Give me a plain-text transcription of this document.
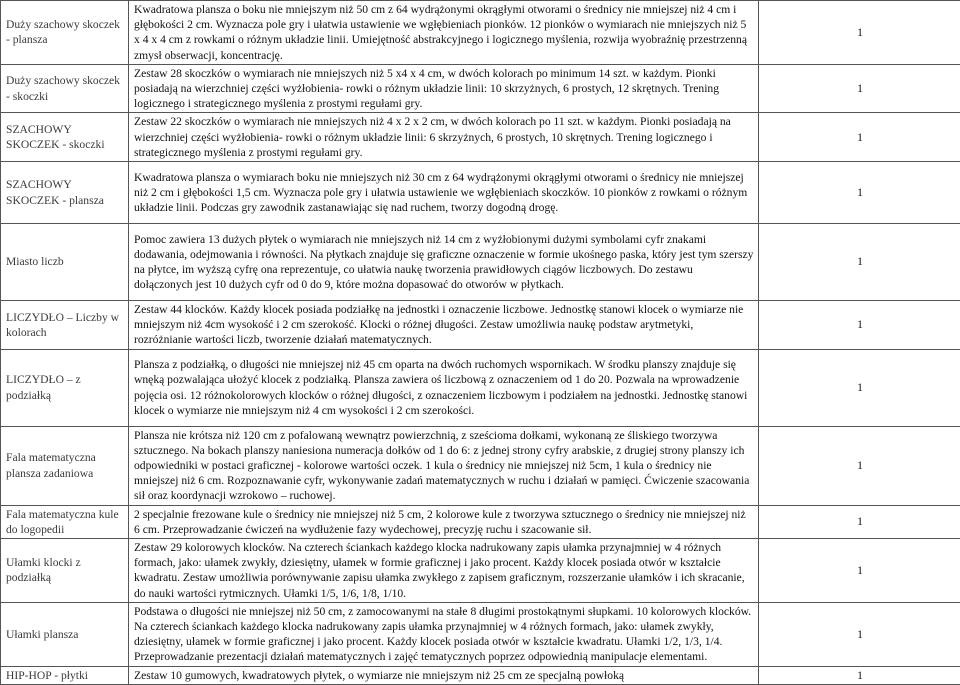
Duży szachowy skoczek - plansza	Kwadratowa plansza o boku nie mniejszym niż 50 cm z 64 wydrążonymi okrągłymi otworami o średnicy nie mniejszej niż 4 cm i głębokości 2 cm. Wyznacza pole gry i ułatwia ustawienie we wgłębieniach pionków. 12 pionków o wymiarach nie mniejszych niż 5 x 4 x 4 cm z rowkami o różnym układzie linii. Umiejętność abstrakcyjnego i logicznego myślenia, rozwija wyobraźnię przestrzenną zmysł obserwacji, koncentrację.	1
Duży szachowy skoczek - skoczki	Zestaw 28 skoczków o wymiarach nie mniejszych niż 5 x4 x 4 cm, w dwóch kolorach po minimum 14 szt. w każdym. Pionki posiadają na wierzchniej części wyżłobienia- rowki o różnym układzie linii: 10 skrzyżnych, 6 prostych, 12 skrętnych. Trening logicznego i strategicznego myślenia z prostymi regułami gry.	1
SZACHOWY SKOCZEK - skoczki	Zestaw 22 skoczków o wymiarach nie mniejszych niż 4 x 2 x 2 cm, w dwóch kolorach po 11 szt. w każdym. Pionki posiadają na wierzchniej części wyżłobienia- rowki o różnym układzie linii: 6 skrzyżnych, 6 prostych, 10 skrętnych. Trening logicznego i strategicznego myślenia z prostymi regułami gry.	1
SZACHOWY SKOCZEK - plansza	Kwadratowa plansza o wymiarach boku nie mniejszych niż 30 cm z 64 wydrążonymi okrągłymi otworami o średnicy nie mniejszej niż 2 cm i głębokości 1,5 cm. Wyznacza pole gry i ułatwia ustawienie we wgłębieniach skoczków. 10 pionków z rowkami o różnym układzie linii. Podczas gry zawodnik zastanawiając się nad ruchem, tworzy dogodną drogę.	1
Miasto liczb	Pomoc zawiera 13 dużych płytek o wymiarach nie mniejszych niż 14 cm z wyżłobionymi dużymi symbolami cyfr znakami dodawania, odejmowania i równości. Na płytkach znajduje się graficzne oznaczenie w formie ukośnego paska, który jest tym szerszy na płytce, im wyższą cyfrę ona reprezentuje, co ułatwia naukę tworzenia prawidłowych ciągów liczbowych. Do zestawu dołączonych jest 10 dużych cyfr od 0 do 9, które można dopasować do otworów w płytkach.	1
LICZYDŁO – Liczby w kolorach	Zestaw 44 klocków. Każdy klocek posiada podziałkę na jednostki i oznaczenie liczbowe. Jednostkę stanowi klocek o wymiarze nie mniejszym niż 4cm wysokość i 2 cm szerokość. Klocki o różnej długości. Zestaw umożliwia naukę podstaw arytmetyki, rozróżnianie wartości liczb, tworzenie działań matematycznych.	1
LICZYDŁO – z podziałką	Plansza z podziałką, o długości nie mniejszej niż 45 cm oparta na dwóch ruchomych wspornikach. W środku planszy znajduje się wnęką pozwalająca ułożyć klocek z podziałką. Plansza zawiera oś liczbową z oznaczeniem od 1 do 20. Pozwala na wprowadzenie pojęcia osi. 12 różnokolorowych klocków o różnej długości, z oznaczeniem liczbowym i podziałem na jednostki. Jednostkę stanowi klocek o wymiarze nie mniejszym niż 4 cm wysokości i 2 cm szerokości.	1
Fala matematyczna plansza zadaniowa	Plansza nie krótsza niż 120 cm z pofalowaną wewnątrz powierzchnią, z sześcioma dołkami, wykonaną ze śliskiego tworzywa sztucznego. Na bokach planszy naniesiona numeracja dołków od 1 do 6: z jednej strony cyfry arabskie, z drugiej strony planszy ich odpowiedniki w postaci graficznej - kolorowe wartości oczek. 1 kula o średnicy nie mniejszej niż 5cm, 1 kula o średnicy nie mniejszej niż 6 cm. Rozpoznawanie cyfr, wykonywanie zadań matematycznych w ruchu i działań w pamięci. Ćwiczenie szacowania sił oraz koordynacji wzrokowo – ruchowej.	1
Fala matematyczna kule do logopedii	2 specjalnie frezowane kule o średnicy nie mniejszej niż 5 cm, 2 kolorowe kule z tworzywa sztucznego o średnicy nie mniejszej niż 6 cm. Przeprowadzanie ćwiczeń na wydłużenie fazy wydechowej, precyzję ruchu i szacowanie sił.	1
Ułamki klocki z podziałką	Zestaw 29 kolorowych klocków. Na czterech ściankach każdego klocka nadrukowany zapis ułamka przynajmniej w 4 różnych formach, jako: ułamek zwykły, dziesiętny, ułamek w formie graficznej i jako procent. Każdy klocek posiada otwór w kształcie kwadratu. Zestaw umożliwia porównywanie zapisu ułamka zwykłego z zapisem graficznym, rozszerzanie ułamków i ich skracanie, do nauki wartości rytmicznych. Ułamki 1/5, 1/6, 1/8, 1/10.	1
Ułamki plansza	Podstawa o długości nie mniejszej niż 50 cm, z zamocowanymi na stałe 8 długimi prostokątnymi słupkami. 10 kolorowych klocków. Na czterech ściankach każdego klocka nadrukowany zapis ułamka przynajmniej w 4 różnych formach, jako: ułamek zwykły, dziesiętny, ułamek w formie graficznej i jako procent. Każdy klocek posiada otwór w kształcie kwadratu. Ułamki 1/2, 1/3, 1/4. Przeprowadzanie prezentacji działań matematycznych i zajęć tematycznych poprzez odpowiednią manipulacje elementami.	1
HIP-HOP - płytki	Zestaw 10 gumowych, kwadratowych płytek, o wymiarze nie mniejszym niż 25 cm ze specjalną powłoką	1
